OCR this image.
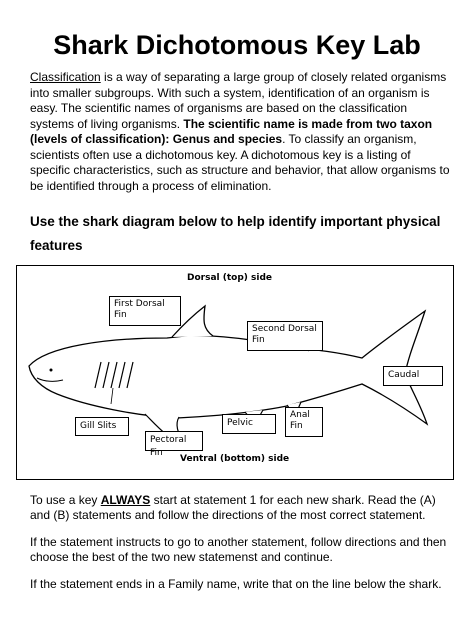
Shark Dichotomous Key Lab

Classification is a way of separating a large group of closely related organisms into smaller subgroups. With such a system, identification of an organism is easy. The scientific names of organisms are based on the classification systems of living organisms. The scientific name is made from two taxon (levels of classification): Genus and species. To classify an organism, scientists often use a dichotomous key. A dichotomous key is a listing of specific characteristics, such as structure and behavior, that allow organisms to be identified through a process of elimination.

Use the shark diagram below to help identify important physical features

Dorsal (top) side
Ventral (bottom) side
First Dorsal Fin
Second Dorsal Fin
Caudal
Gill Slits
Pectoral Fin
Pelvic
Anal Fin

To use a key ALWAYS start at statement 1 for each new shark. Read the (A) and (B) statements and follow the directions of the most correct statement.

If the statement instructs to go to another statement, follow directions and then choose the best of the two new statemenst and continue.

If the statement ends in a Family name, write that on the line below the shark.
